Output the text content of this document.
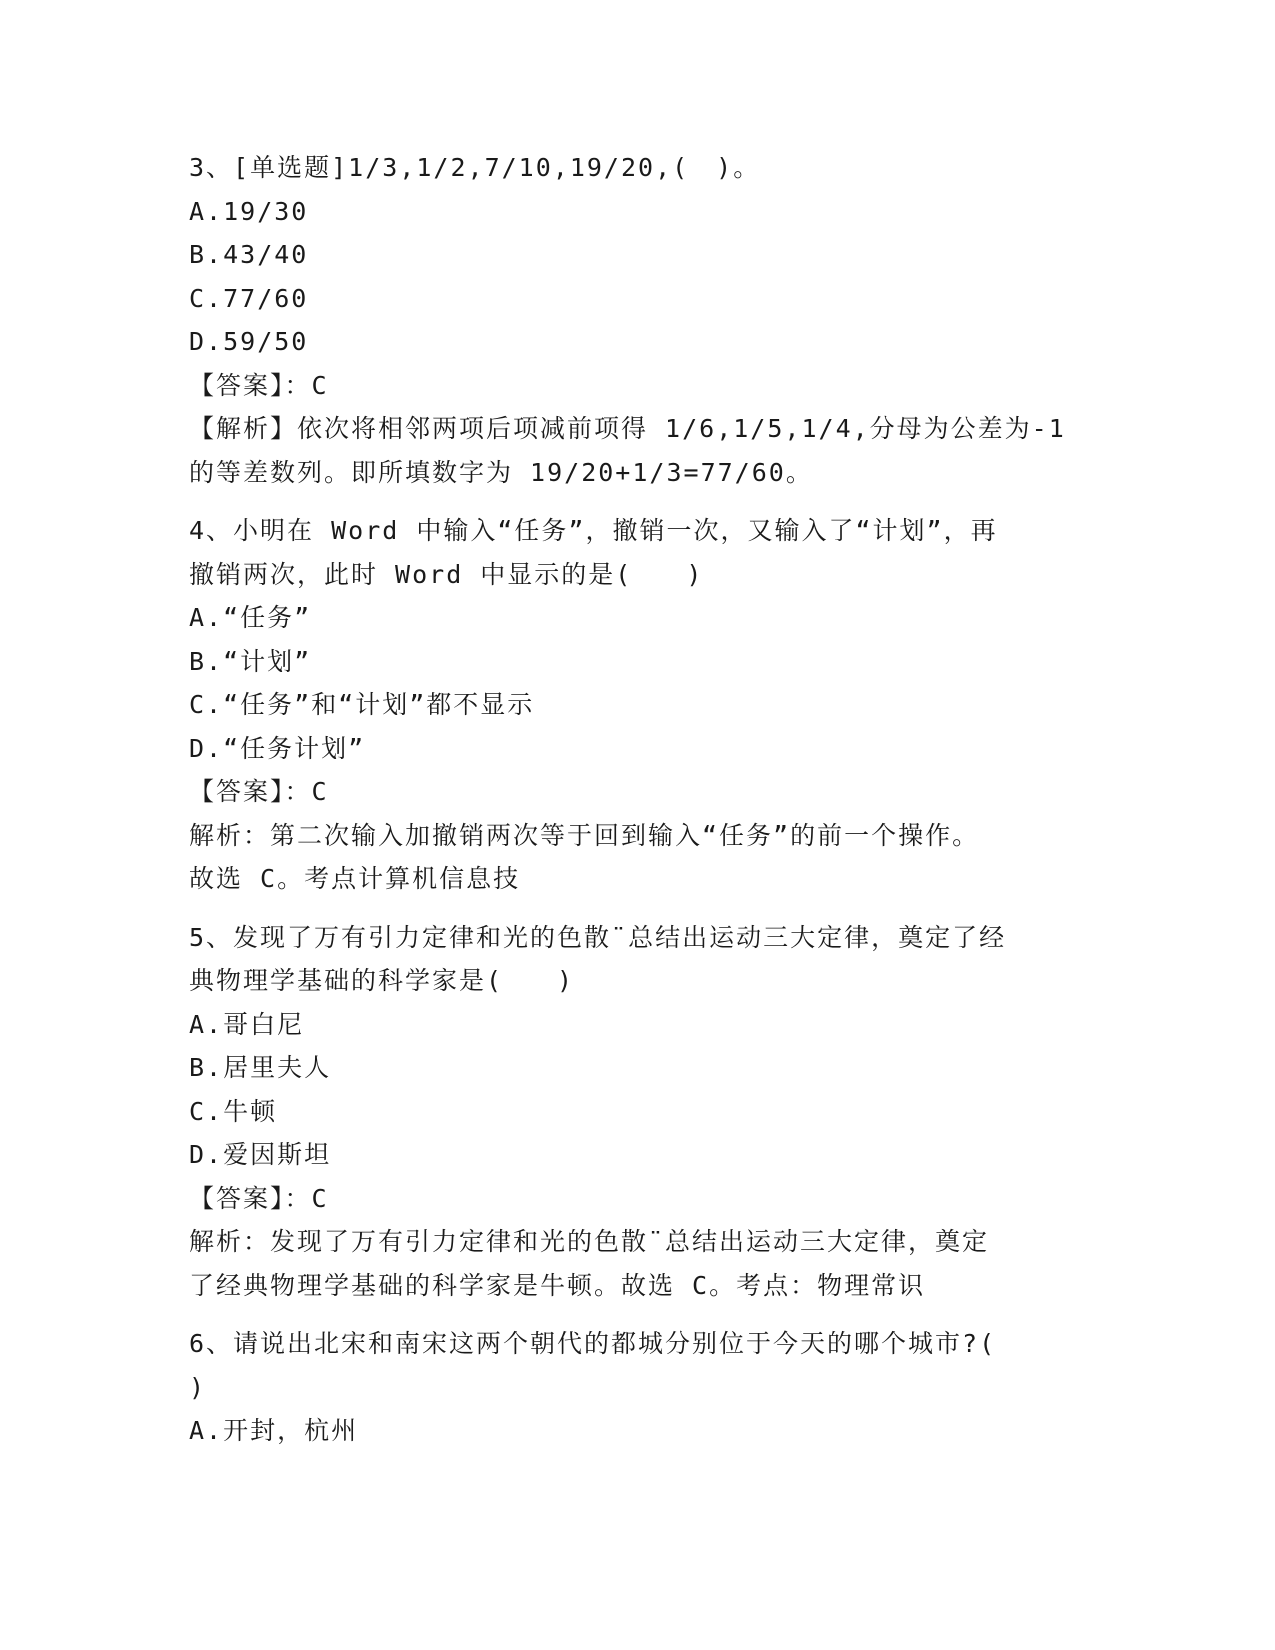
3、[单选题]1/3,1/2,7/10,19/20,(　)。
A.19/30
B.43/40
C.77/60
D.59/50
【答案】：C
【解析】依次将相邻两项后项减前项得 1/6,1/5,1/4,分母为公差为-1
的等差数列。即所填数字为 19/20+1/3=77/60。
4、小明在 Word 中输入“任务”，撤销一次，又输入了“计划”，再
撤销两次，此时 Word 中显示的是(　　)
A.“任务”
B.“计划”
C.“任务”和“计划”都不显示
D.“任务计划”
【答案】：C
解析：第二次输入加撤销两次等于回到输入“任务”的前一个操作。
故选 C。考点计算机信息技
5、发现了万有引力定律和光的色散¨总结出运动三大定律，奠定了经
典物理学基础的科学家是(　　)
A.哥白尼
B.居里夫人
C.牛顿
D.爱因斯坦
【答案】：C
解析：发现了万有引力定律和光的色散¨总结出运动三大定律，奠定
了经典物理学基础的科学家是牛顿。故选 C。考点：物理常识
6、请说出北宋和南宋这两个朝代的都城分别位于今天的哪个城市?(
)
A.开封，杭州
